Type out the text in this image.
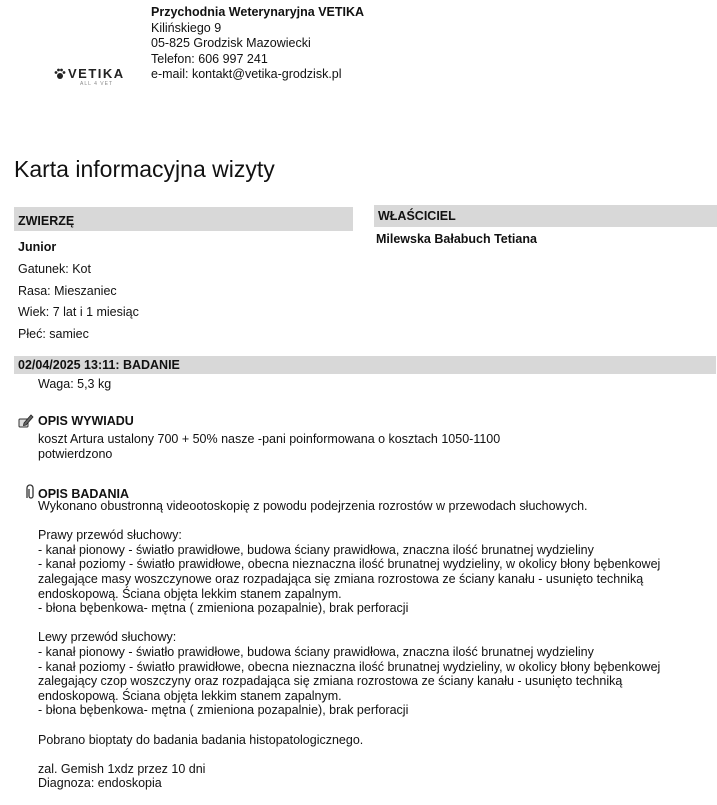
VETIKA
ALL 4 VET
Przychodnia Weterynaryjna VETIKA
Kilińskiego 9
05-825 Grodzisk Mazowiecki
Telefon: 606 997 241
e-mail: kontakt@vetika-grodzisk.pl
Karta informacyjna wizyty
ZWIERZĘ
Junior
Gatunek: Kot
Rasa: Mieszaniec
Wiek: 7 lat i 1 miesiąc
Płeć: samiec
WŁAŚCICIEL
Milewska Bałabuch Tetiana
02/04/2025 13:11: BADANIE
Waga: 5,3 kg
OPIS WYWIADU
koszt Artura ustalony 700 + 50% nasze -pani poinformowana o kosztach 1050-1100
potwierdzono
OPIS BADANIA
Wykonano obustronną videootoskopię z powodu podejrzenia rozrostów w przewodach słuchowych.
Prawy przewód słuchowy:
- kanał pionowy - światło prawidłowe, budowa ściany prawidłowa, znaczna ilość brunatnej wydzieliny
- kanał poziomy - światło prawidłowe, obecna nieznaczna ilość brunatnej wydzieliny, w okolicy błony bębenkowej
zalegające masy woszczynowe oraz rozpadająca się zmiana rozrostowa ze ściany kanału - usunięto techniką
endoskopową. Ściana objęta lekkim stanem zapalnym.
- błona bębenkowa- mętna ( zmieniona pozapalnie), brak perforacji
Lewy przewód słuchowy:
- kanał pionowy - światło prawidłowe, budowa ściany prawidłowa, znaczna ilość brunatnej wydzieliny
- kanał poziomy - światło prawidłowe, obecna nieznaczna ilość brunatnej wydzieliny, w okolicy błony bębenkowej
zalegający czop woszczyny oraz rozpadająca się zmiana rozrostowa ze ściany kanału - usunięto techniką
endoskopową. Ściana objęta lekkim stanem zapalnym.
- błona bębenkowa- mętna ( zmieniona pozapalnie), brak perforacji
Pobrano bioptaty do badania badania histopatologicznego.
zal. Gemish 1xdz przez 10 dni
Diagnoza: endoskopia
